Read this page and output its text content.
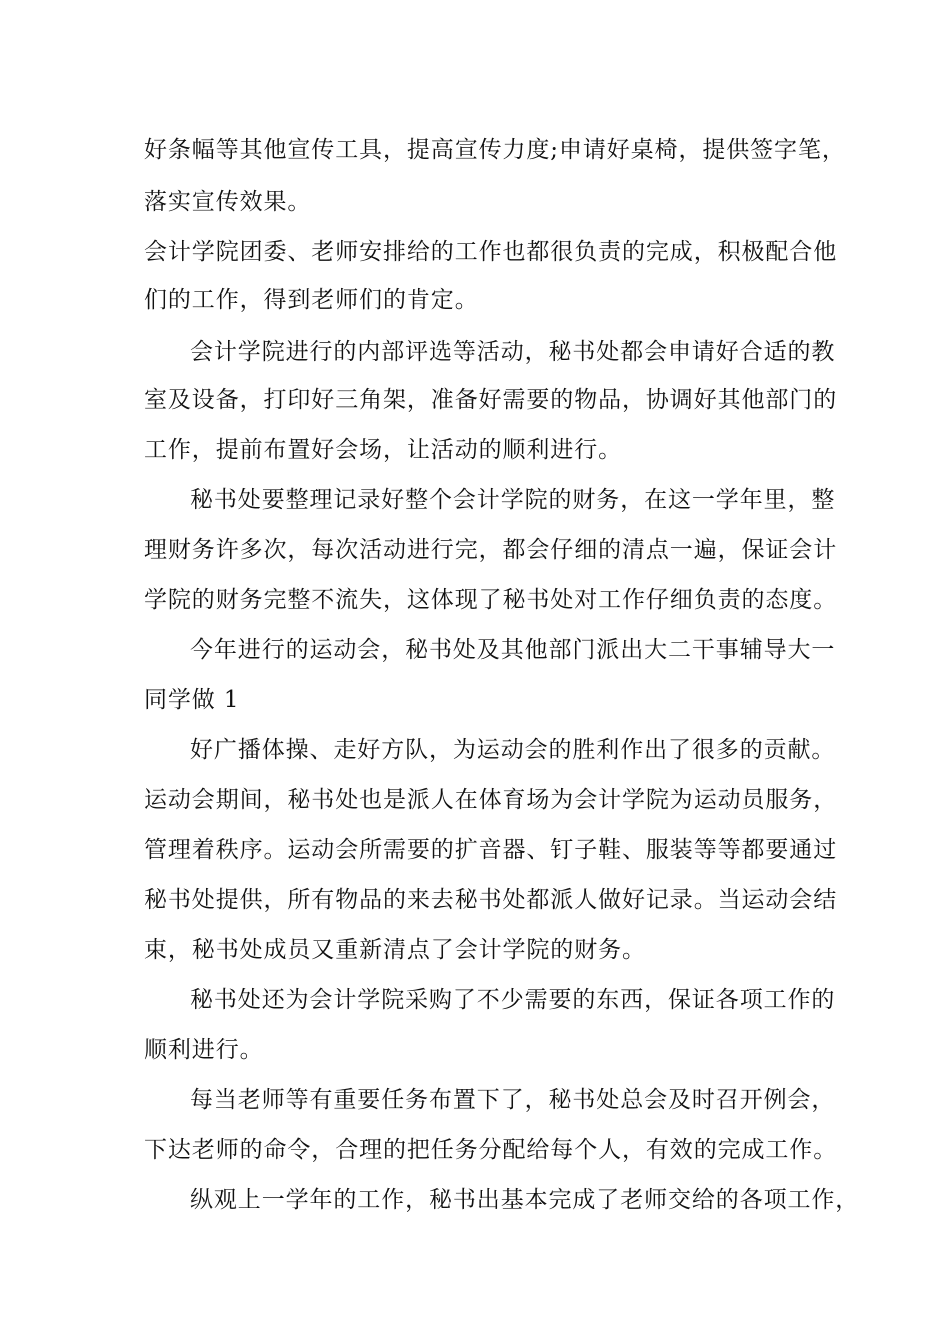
好条幅等其他宣传工具，提高宣传力度;申请好桌椅，提供签字笔，
落实宣传效果。
会计学院团委、老师安排给的工作也都很负责的完成，积极配合他
们的工作，得到老师们的肯定。
会计学院进行的内部评选等活动，秘书处都会申请好合适的教
室及设备，打印好三角架，准备好需要的物品，协调好其他部门的
工作，提前布置好会场，让活动的顺利进行。
秘书处要整理记录好整个会计学院的财务，在这一学年里，整
理财务许多次，每次活动进行完，都会仔细的清点一遍，保证会计
学院的财务完整不流失，这体现了秘书处对工作仔细负责的态度。
今年进行的运动会，秘书处及其他部门派出大二干事辅导大一
同学做 1
好广播体操、走好方队，为运动会的胜利作出了很多的贡献。
运动会期间，秘书处也是派人在体育场为会计学院为运动员服务，
管理着秩序。运动会所需要的扩音器、钉子鞋、服装等等都要通过
秘书处提供，所有物品的来去秘书处都派人做好记录。当运动会结
束，秘书处成员又重新清点了会计学院的财务。
秘书处还为会计学院采购了不少需要的东西，保证各项工作的
顺利进行。
每当老师等有重要任务布置下了，秘书处总会及时召开例会，
下达老师的命令，合理的把任务分配给每个人，有效的完成工作。
纵观上一学年的工作，秘书出基本完成了老师交给的各项工作，
